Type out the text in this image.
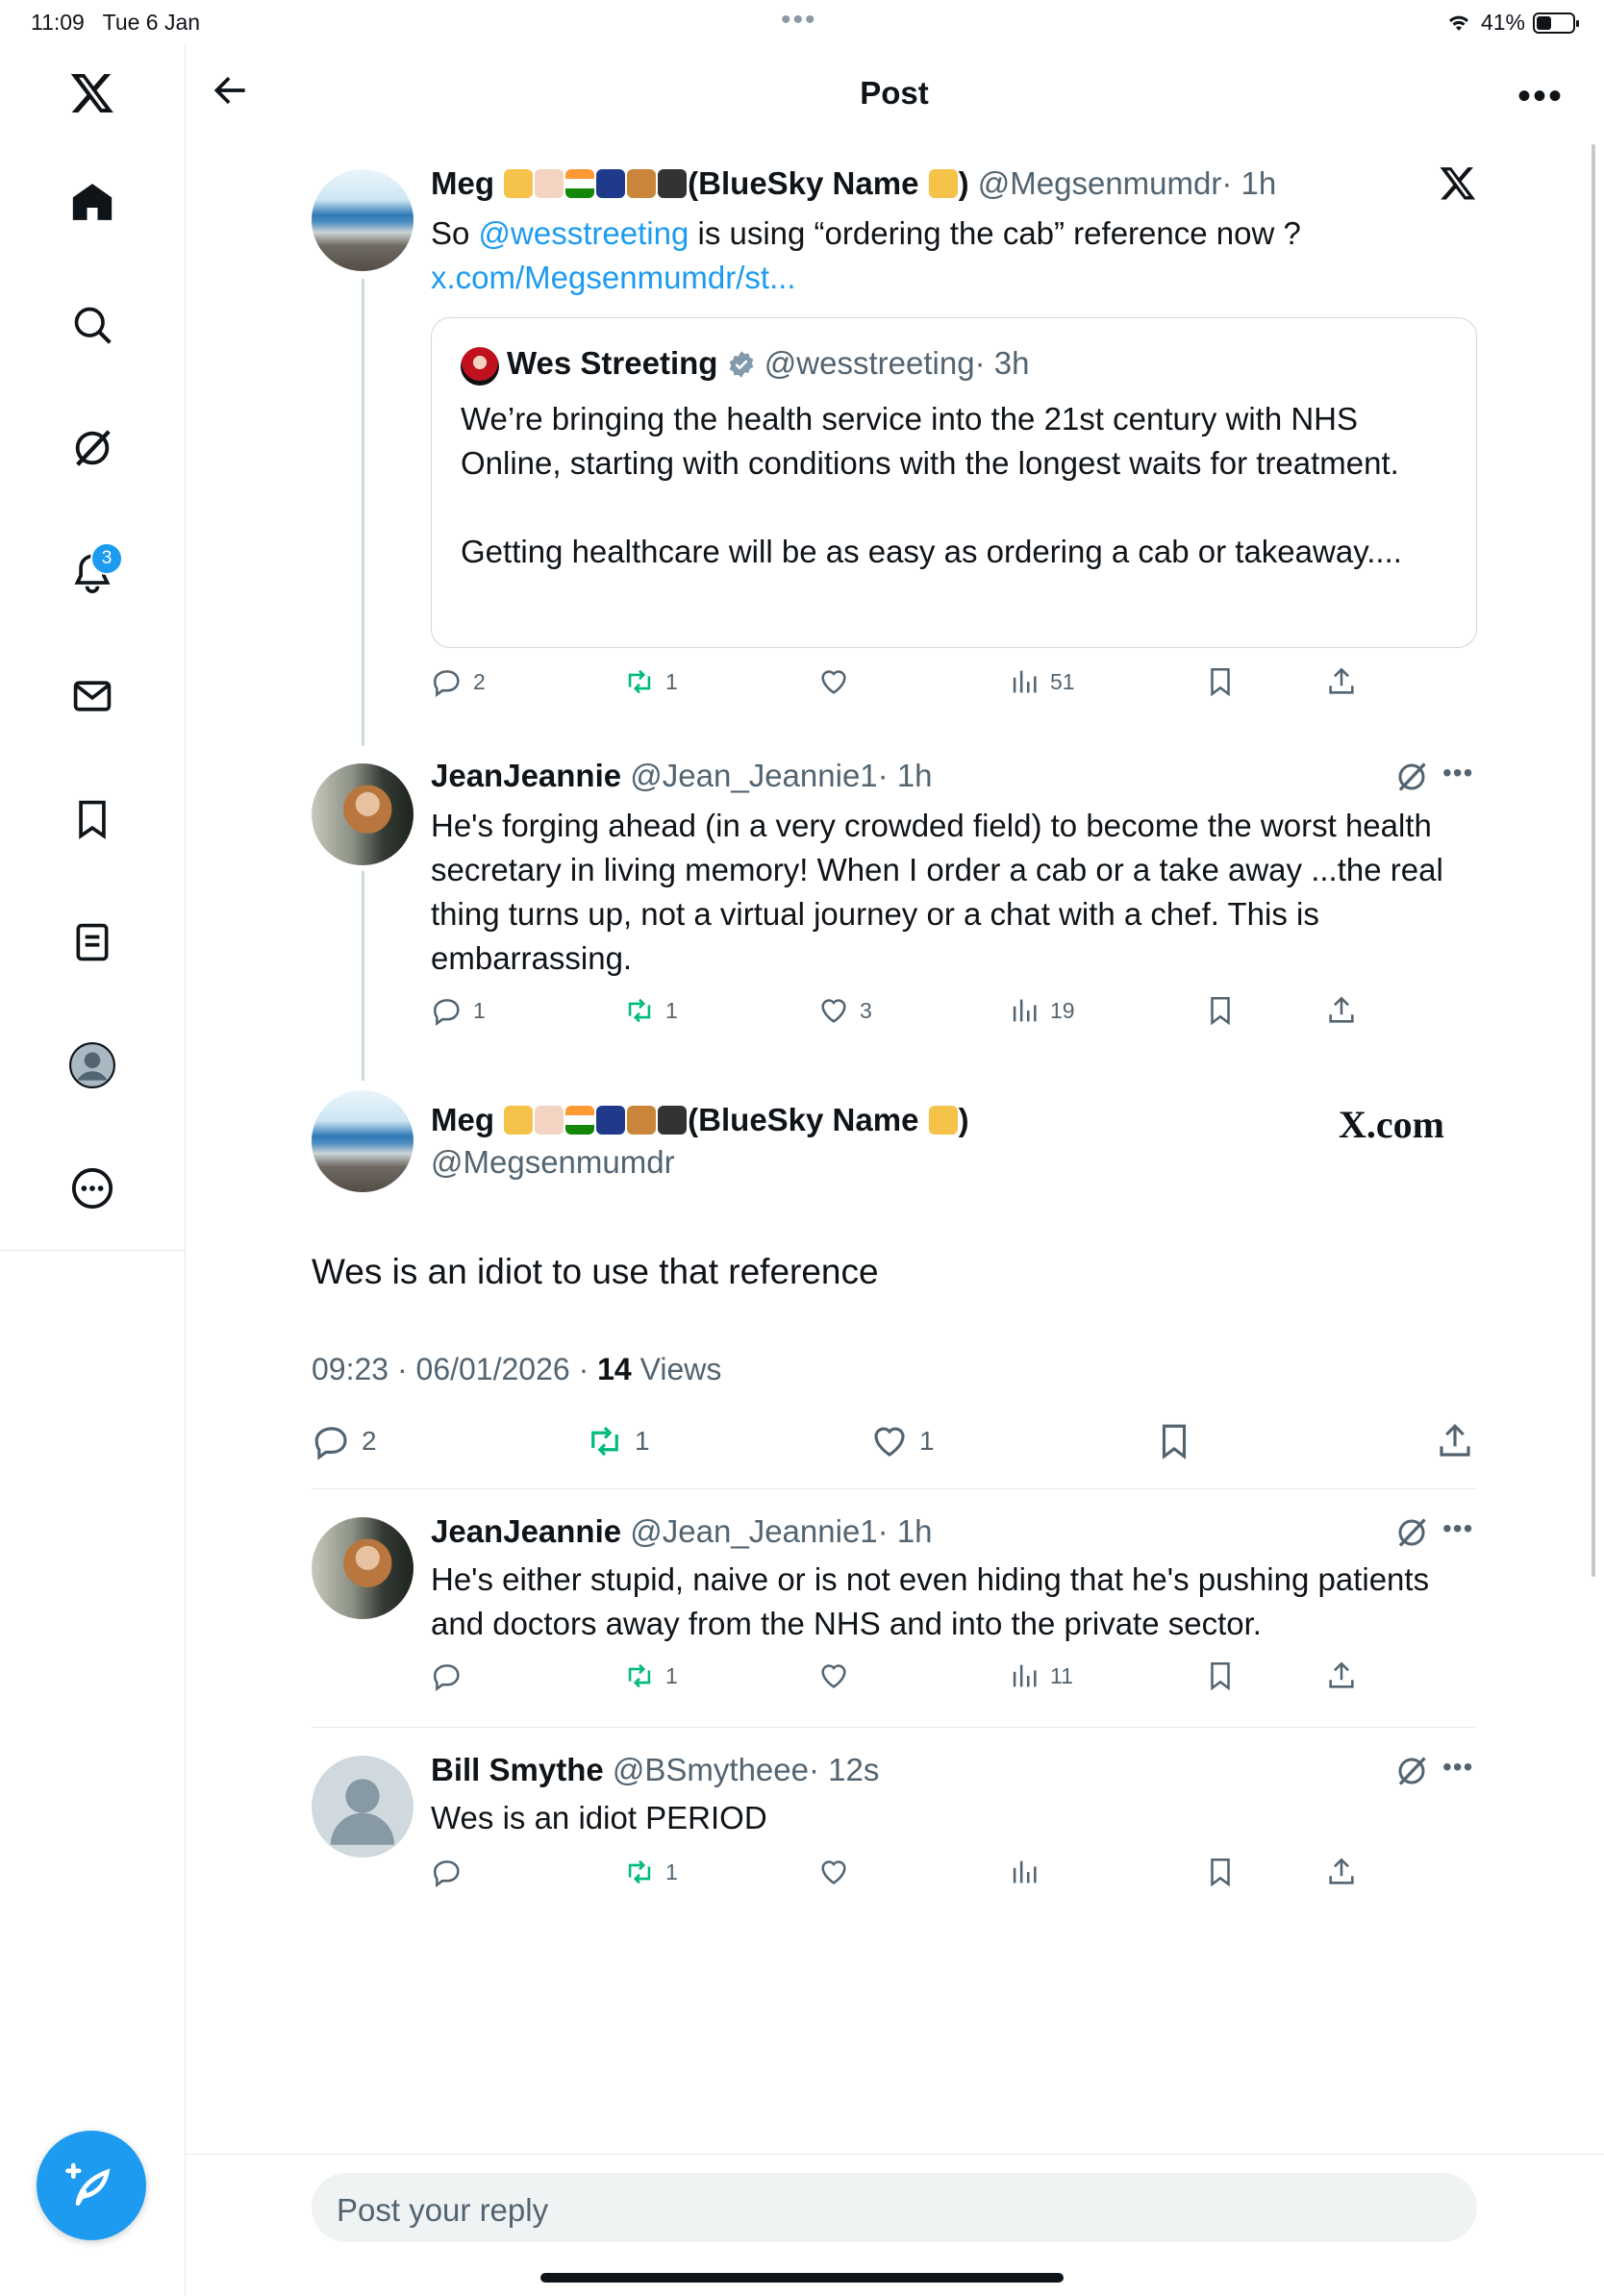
11:09 Tue 6 Jan	•••	41%
3
Post	•••
Meg	(BlueSky Name ) @Megsenmumdr· 1h
So @wesstreeting is using “ordering the cab” reference now ?
x.com/Megsenmumdr/st...
Wes Streeting @wesstreeting· 3h
We’re bringing the health service into the 21st century with NHS Online, starting with conditions with the longest waits for treatment.
Getting healthcare will be as easy as ordering a cab or takeaway....
2	1	51
JeanJeannie @Jean_Jeannie1· 1h	•••
He's forging ahead (in a very crowded field) to become the worst health secretary in living memory! When I order a cab or a take away ...the real thing turns up, not a virtual journey or a chat with a chef. This is embarrassing.
1	1	3	19
Meg	(BlueSky Name )
@Megsenmumdr
X.com
Wes is an idiot to use that reference
09:23 · 06/01/2026 · 14 Views
2	1	1
JeanJeannie @Jean_Jeannie1· 1h	•••
He's either stupid, naive or is not even hiding that he's pushing patients and doctors away from the NHS and into the private sector.
1	11
Bill Smythe @BSmytheee· 12s	•••
Wes is an idiot PERIOD
1
Post your reply
